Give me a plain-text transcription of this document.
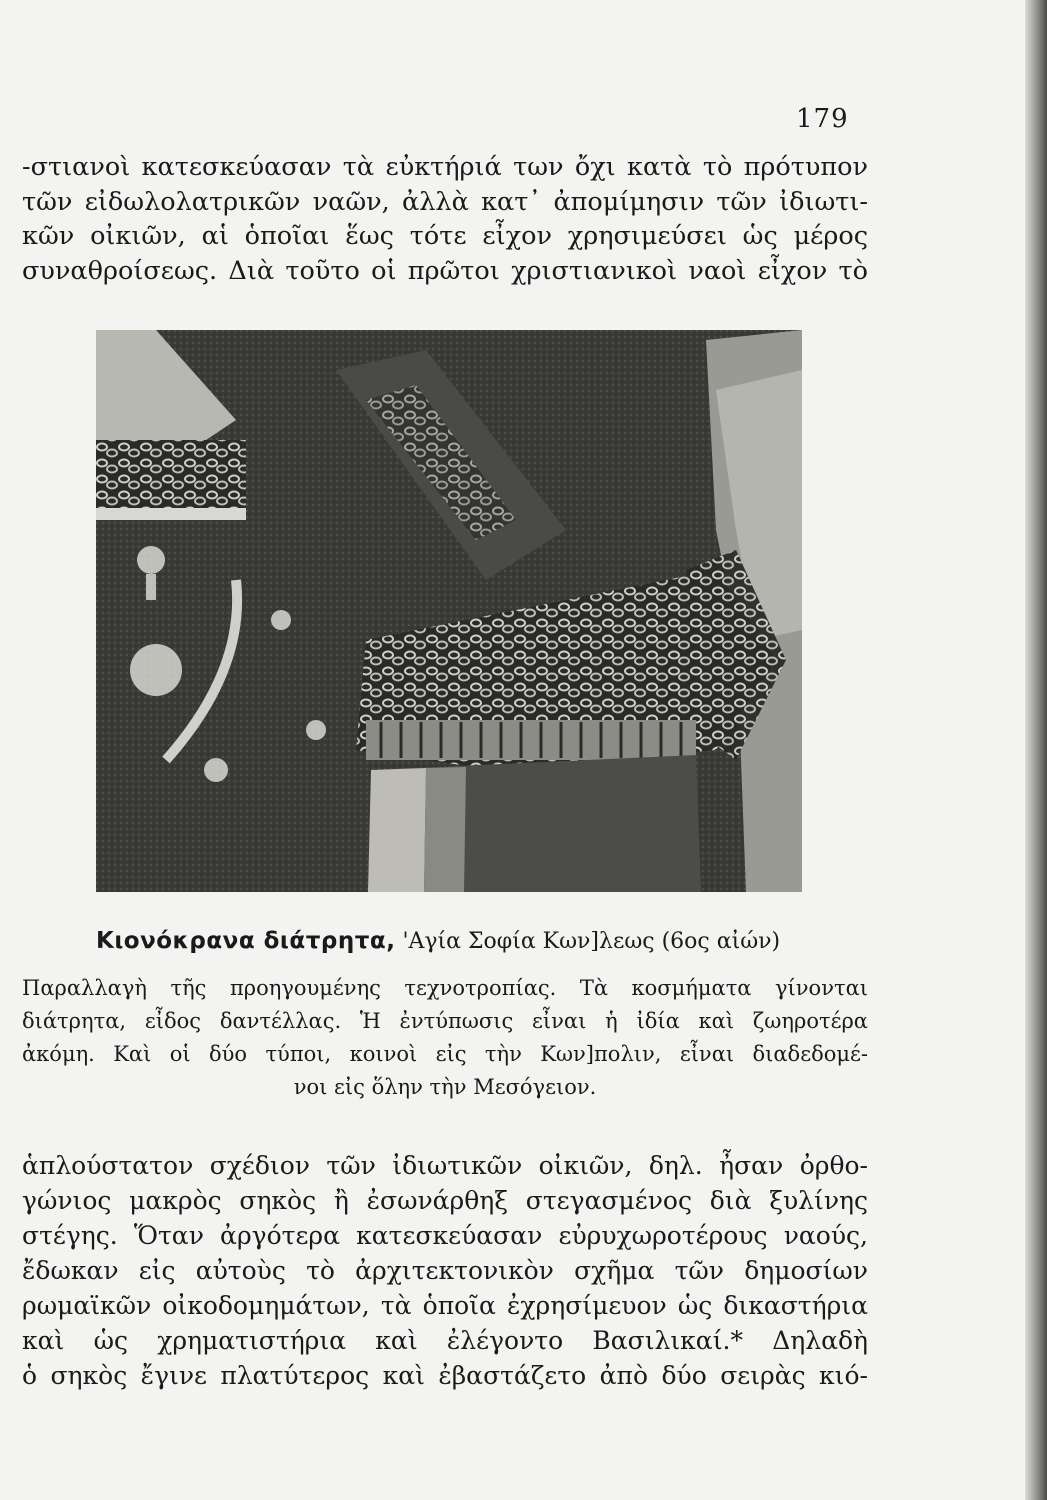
179
-στιανοὶ κατεσκεύασαν τὰ εὐκτήριά των ὄχι κατὰ τὸ πρότυπον
τῶν εἰδωλολατρικῶν ναῶν, ἀλλὰ κατ᾿ ἀπομίμησιν τῶν ἰδιωτι-
κῶν οἰκιῶν, αἱ ὁποῖαι ἕως τότε εἶχον χρησιμεύσει ὡς μέρος
συναθροίσεως. Διὰ τοῦτο οἱ πρῶτοι χριστιανικοὶ ναοὶ εἶχον τὸ
Κιονόκρανα διάτρητα, 'Αγία Σοφία Κων]λεως (6ος αἰών)
Παραλλαγὴ τῆς προηγουμένης τεχνοτροπίας. Τὰ κοσμήματα γίνονται
διάτρητα, εἶδος δαντέλλας. Ἡ ἐντύπωσις εἶναι ἡ ἰδία καὶ ζωηροτέρα
ἀκόμη. Καὶ οἱ δύο τύποι, κοινοὶ εἰς τὴν Κων]πολιν, εἶναι διαδεδομέ-
νοι εἰς ὅλην τὴν Μεσόγειον.
ἁπλούστατον σχέδιον τῶν ἰδιωτικῶν οἰκιῶν, δηλ. ἦσαν ὀρθο-
γώνιος μακρὸς σηκὸς ἢ ἐσωνάρθηξ στεγασμένος διὰ ξυλίνης
στέγης. Ὅταν ἀργότερα κατεσκεύασαν εὐρυχωροτέρους ναούς,
ἔδωκαν εἰς αὐτοὺς τὸ ἀρχιτεκτονικὸν σχῆμα τῶν δημοσίων
ρωμαϊκῶν οἰκοδομημάτων, τὰ ὁποῖα ἐχρησίμευον ὡς δικαστήρια
καὶ ὡς χρηματιστήρια καὶ ἐλέγοντο Βασιλικαί.* Δηλαδὴ
ὁ σηκὸς ἔγινε πλατύτερος καὶ ἐβαστάζετο ἀπὸ δύο σειρὰς κιό-
